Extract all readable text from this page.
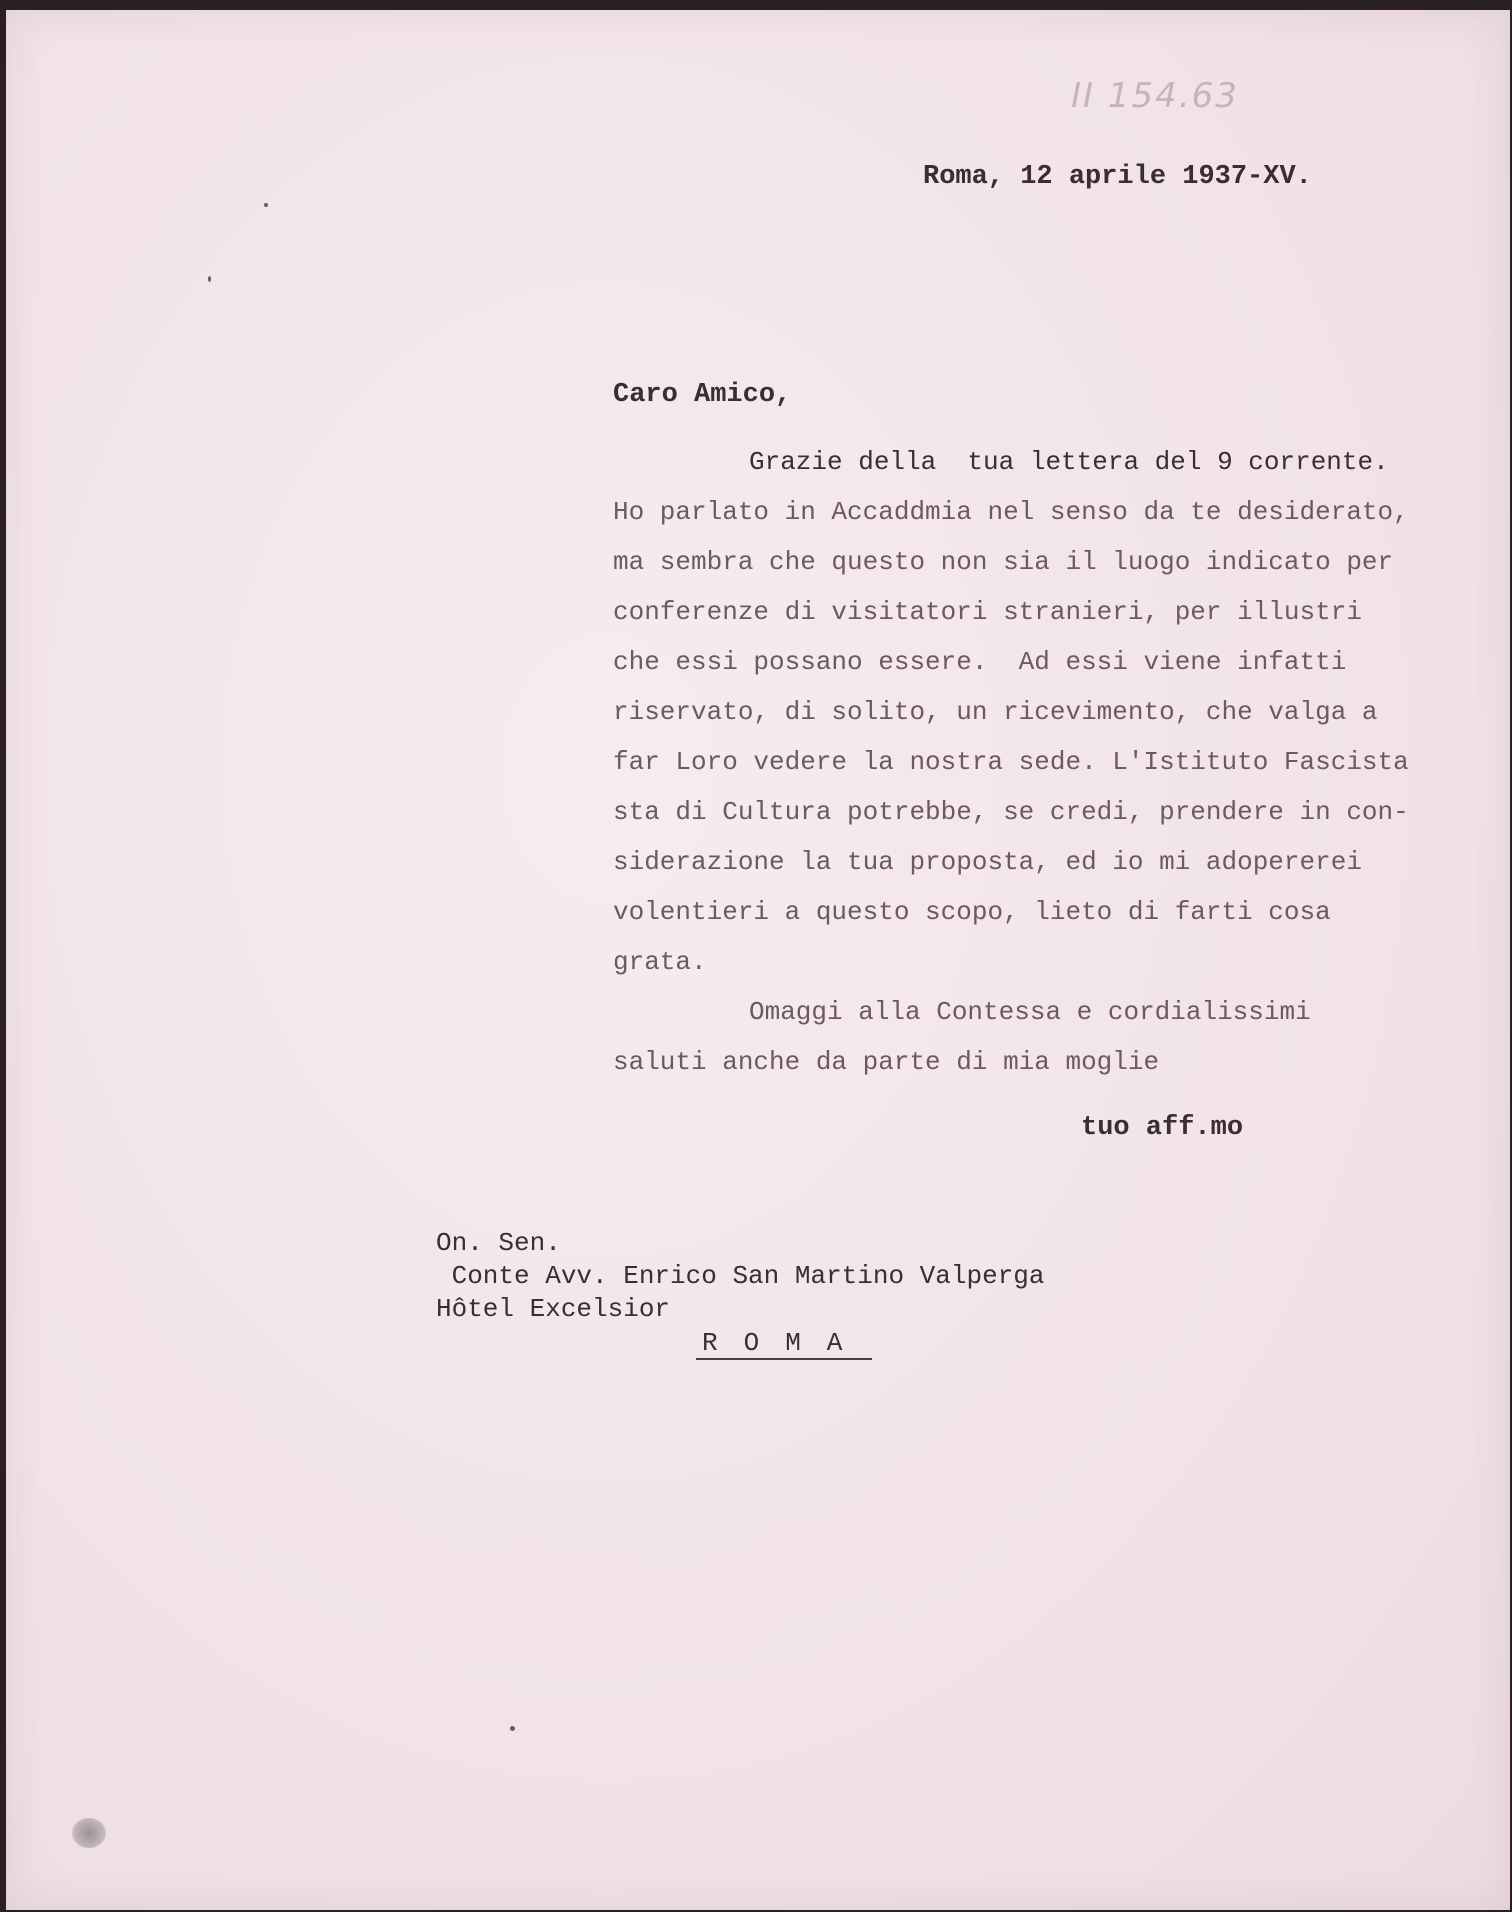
II 154.63
Roma, 12 aprile 1937-XV.
Caro Amico,
Grazie della  tua lettera del 9 corrente.
Ho parlato in Accaddmia nel senso da te desiderato,
ma sembra che questo non sia il luogo indicato per
conferenze di visitatori stranieri, per illustri
che essi possano essere.  Ad essi viene infatti
riservato, di solito, un ricevimento, che valga a
far Loro vedere la nostra sede. L'Istituto Fascista
sta di Cultura potrebbe, se credi, prendere in con-
siderazione la tua proposta, ed io mi adopererei
volentieri a questo scopo, lieto di farti cosa
grata.
Omaggi alla Contessa e cordialissimi
saluti anche da parte di mia moglie
tuo aff.mo
On. Sen.
Conte Avv. Enrico San Martino Valperga
Hôtel Excelsior
ROMA
